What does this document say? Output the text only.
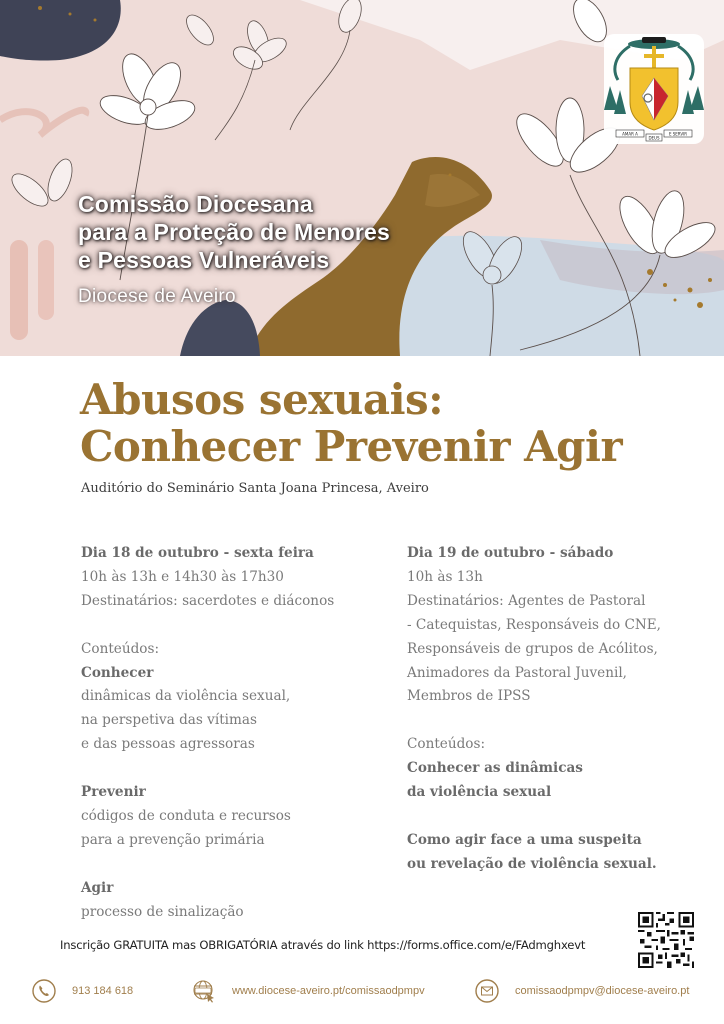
Comissão Diocesana
para a Proteção de Menores
e Pessoas Vulneráveis
Diocese de Aveiro
AMAR A	E SERVIR
DEUS
Abusos sexuais:
Conhecer Prevenir Agir
Auditório do Seminário Santa Joana Princesa, Aveiro
Dia 18 de outubro - sexta feira
10h às 13h e 14h30 às 17h30
Destinatários: sacerdotes e diáconos
Conteúdos:
Conhecer
dinâmicas da violência sexual,
na perspetiva das vítimas
e das pessoas agressoras
Prevenir
códigos de conduta e recursos
para a prevenção primária
Agir
processo de sinalização
Dia 19 de outubro - sábado
10h às 13h
Destinatários: Agentes de Pastoral
- Catequistas, Responsáveis do CNE,
Responsáveis de grupos de Acólitos,
Animadores da Pastoral Juvenil,
Membros de IPSS
Conteúdos:
Conhecer as dinâmicas
da violência sexual
Como agir face a uma suspeita
ou revelação de violência sexual.
Inscrição GRATUITA mas OBRIGATÓRIA através do link https://forms.office.com/e/FAdmghxevt
913 184 618	www.diocese-aveiro.pt/comissaodpmpv	comissaodpmpv@diocese-aveiro.pt
